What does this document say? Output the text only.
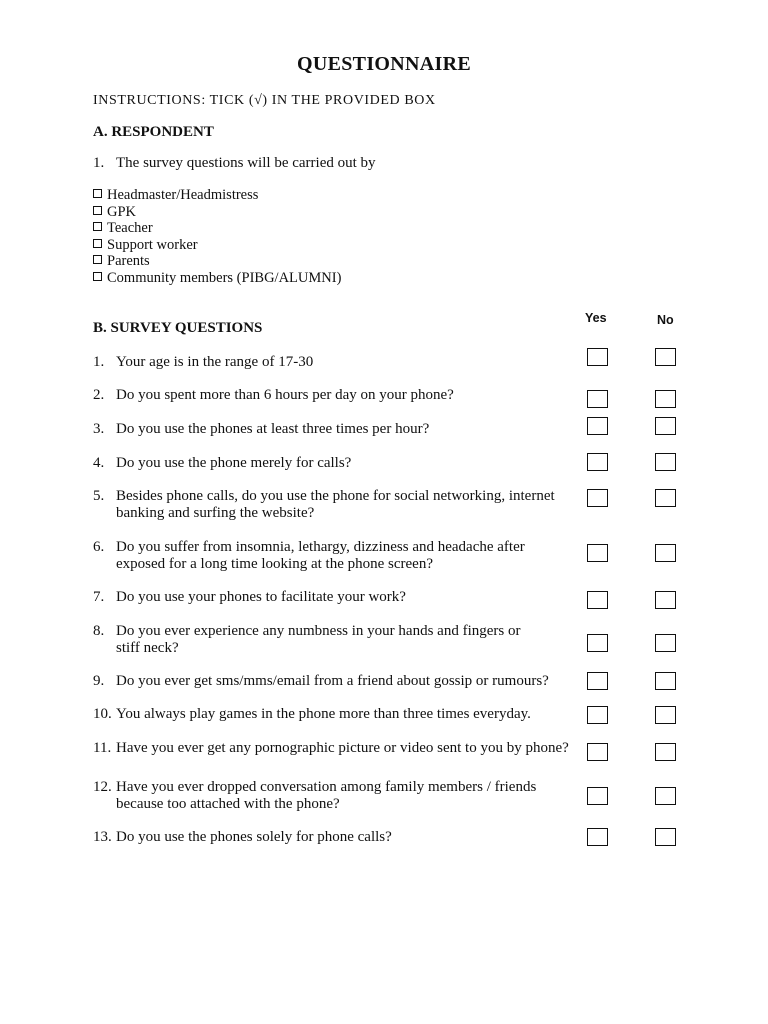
QUESTIONNAIRE
INSTRUCTIONS: TICK (√) IN THE PROVIDED BOX
A. RESPONDENT
1. The survey questions will be carried out by
Headmaster/Headmistress
GPK
Teacher
Support worker
Parents
Community members (PIBG/ALUMNI)
B. SURVEY QUESTIONS
Yes	No
1. Your age is in the range of 17-30
2. Do you spent more than 6 hours per day on your phone?
3. Do you use the phones at least three times per hour?
4. Do you use the phone merely for calls?
5. Besides phone calls, do you use the phone for social networking, internet banking and surfing the website?
6. Do you suffer from insomnia, lethargy, dizziness and headache after exposed for a long time looking at the phone screen?
7. Do you use your phones to facilitate your work?
8. Do you ever experience any numbness in your hands and fingers or stiff neck?
9. Do you ever get sms/mms/email from a friend about gossip or rumours?
10. You always play games in the phone more than three times everyday.
11. Have you ever get any pornographic picture or video sent to you by phone?
12. Have you ever dropped conversation among family members / friends because too attached with the phone?
13. Do you use the phones solely for phone calls?
